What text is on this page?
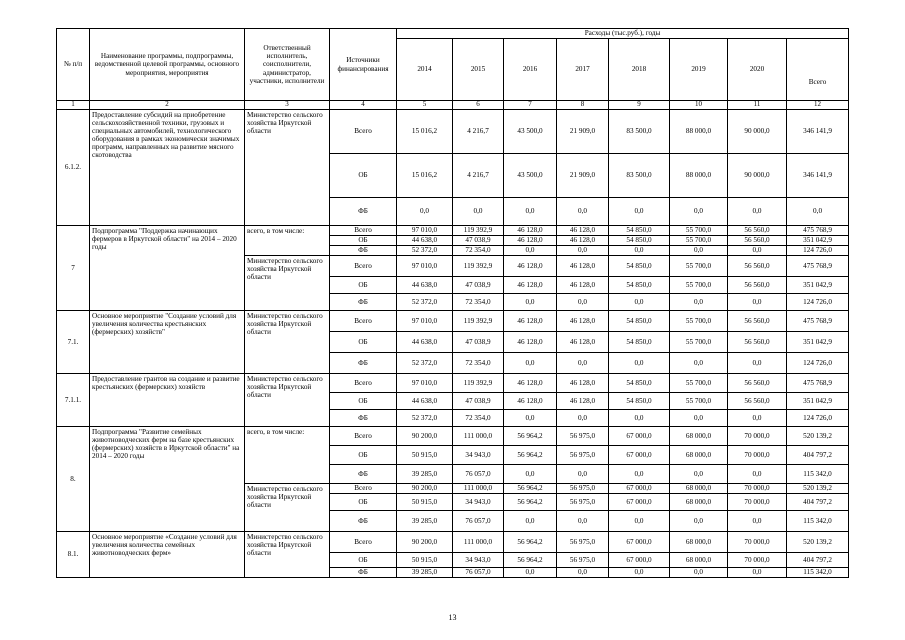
№ п/п	Наименование программы, подпрограммы, ведомственной целевой программы, основного мероприятия, мероприятия	Ответственный исполнитель, соисполнители, администратор, участники, исполнители	Источники финансирования	Расходы (тыс.руб.), годы							
				2014	2015	2016	2017	2018	2019	2020	Всего
1	2	3	4	5	6	7	8	9	10	11	12
6.1.2.	Предоставление субсидий на приобретение сельскохозяйственной техники, грузовых и специальных автомобилей, технологического оборудования в рамках экономически значимых программ, направленных на развитие мясного скотоводства	Министерство сельского хозяйства Иркутской области	Всего	15 016,2	4 216,7	43 500,0	21 909,0	83 500,0	88 000,0	90 000,0	346 141,9
			ОБ	15 016,2	4 216,7	43 500,0	21 909,0	83 500,0	88 000,0	90 000,0	346 141,9
			ФБ	0,0	0,0	0,0	0,0	0,0	0,0	0,0	0,0
7	Подпрограмма "Поддержка начинающих фермеров в Иркутской области" на 2014 – 2020 годы	всего, в том числе:	Всего	97 010,0	119 392,9	46 128,0	46 128,0	54 850,0	55 700,0	56 560,0	475 768,9
			ОБ	44 638,0	47 038,9	46 128,0	46 128,0	54 850,0	55 700,0	56 560,0	351 042,9
			ФБ	52 372,0	72 354,0	0,0	0,0	0,0	0,0	0,0	124 726,0
		Министерство сельского хозяйства Иркутской области	Всего	97 010,0	119 392,9	46 128,0	46 128,0	54 850,0	55 700,0	56 560,0	475 768,9
			ОБ	44 638,0	47 038,9	46 128,0	46 128,0	54 850,0	55 700,0	56 560,0	351 042,9
			ФБ	52 372,0	72 354,0	0,0	0,0	0,0	0,0	0,0	124 726,0
7.1.	Основное мероприятие "Создание условий для увеличения количества крестьянских (фермерских) хозяйств"	Министерство сельского хозяйства Иркутской области	Всего	97 010,0	119 392,9	46 128,0	46 128,0	54 850,0	55 700,0	56 560,0	475 768,9
			ОБ	44 638,0	47 038,9	46 128,0	46 128,0	54 850,0	55 700,0	56 560,0	351 042,9
			ФБ	52 372,0	72 354,0	0,0	0,0	0,0	0,0	0,0	124 726,0
7.1.1.	Предоставление грантов на создание и развитие крестьянских (фермерских) хозяйств	Министерство сельского хозяйства Иркутской области	Всего	97 010,0	119 392,9	46 128,0	46 128,0	54 850,0	55 700,0	56 560,0	475 768,9
			ОБ	44 638,0	47 038,9	46 128,0	46 128,0	54 850,0	55 700,0	56 560,0	351 042,9
			ФБ	52 372,0	72 354,0	0,0	0,0	0,0	0,0	0,0	124 726,0
8.	Подпрограмма "Развитие семейных животноводческих ферм на базе крестьянских (фермерских) хозяйств в Иркутской области" на 2014 – 2020 годы	всего, в том числе:	Всего	90 200,0	111 000,0	56 964,2	56 975,0	67 000,0	68 000,0	70 000,0	520 139,2
			ОБ	50 915,0	34 943,0	56 964,2	56 975,0	67 000,0	68 000,0	70 000,0	404 797,2
			ФБ	39 285,0	76 057,0	0,0	0,0	0,0	0,0	0,0	115 342,0
		Министерство сельского хозяйства Иркутской области	Всего	90 200,0	111 000,0	56 964,2	56 975,0	67 000,0	68 000,0	70 000,0	520 139,2
			ОБ	50 915,0	34 943,0	56 964,2	56 975,0	67 000,0	68 000,0	70 000,0	404 797,2
			ФБ	39 285,0	76 057,0	0,0	0,0	0,0	0,0	0,0	115 342,0
8.1.	Основное мероприятие «Создание условий для увеличения количества семейных животноводческих ферм»	Министерство сельского хозяйства Иркутской области	Всего	90 200,0	111 000,0	56 964,2	56 975,0	67 000,0	68 000,0	70 000,0	520 139,2
			ОБ	50 915,0	34 943,0	56 964,2	56 975,0	67 000,0	68 000,0	70 000,0	404 797,2
			ФБ	39 285,0	76 057,0	0,0	0,0	0,0	0,0	0,0	115 342,0
13
